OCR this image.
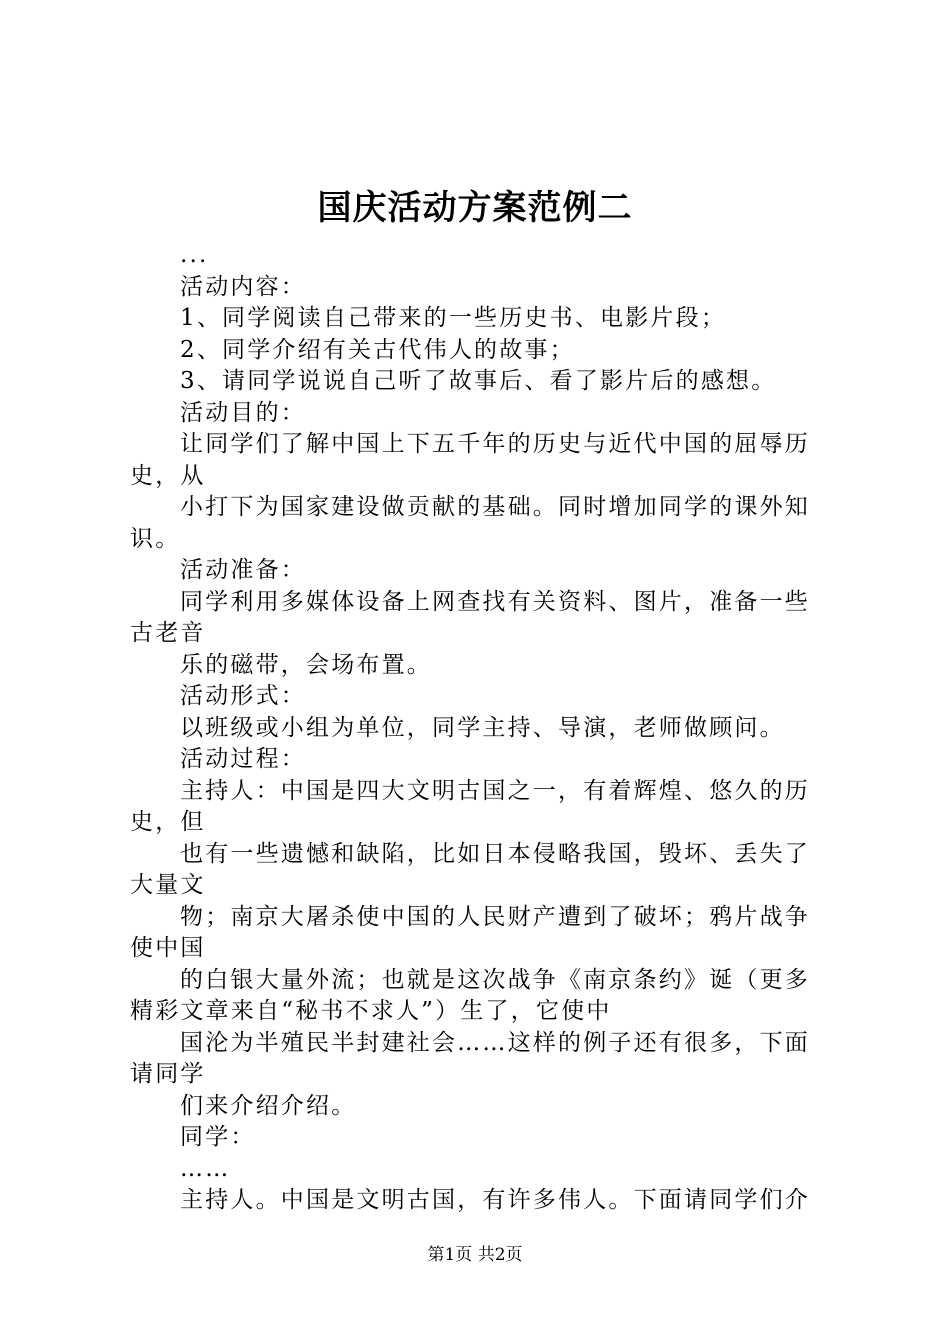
国庆活动方案范例二
...
活动内容：
1、同学阅读自己带来的一些历史书、电影片段；
2、同学介绍有关古代伟人的故事；
3、请同学说说自己听了故事后、看了影片后的感想。
活动目的：
让同学们了解中国上下五千年的历史与近代中国的屈辱历
史，从
小打下为国家建设做贡献的基础。同时增加同学的课外知
识。
活动准备：
同学利用多媒体设备上网查找有关资料、图片，准备一些
古老音
乐的磁带，会场布置。
活动形式：
以班级或小组为单位，同学主持、导演，老师做顾问。
活动过程：
主持人：中国是四大文明古国之一，有着辉煌、悠久的历
史，但
也有一些遗憾和缺陷，比如日本侵略我国，毁坏、丢失了
大量文
物；南京大屠杀使中国的人民财产遭到了破坏；鸦片战争
使中国
的白银大量外流；也就是这次战争《南京条约》诞（更多
精彩文章来自“秘书不求人”）生了，它使中
国沦为半殖民半封建社会……这样的例子还有很多，下面
请同学
们来介绍介绍。
同学：
……
主持人。中国是文明古国，有许多伟人。下面请同学们介
第1页 共2页
